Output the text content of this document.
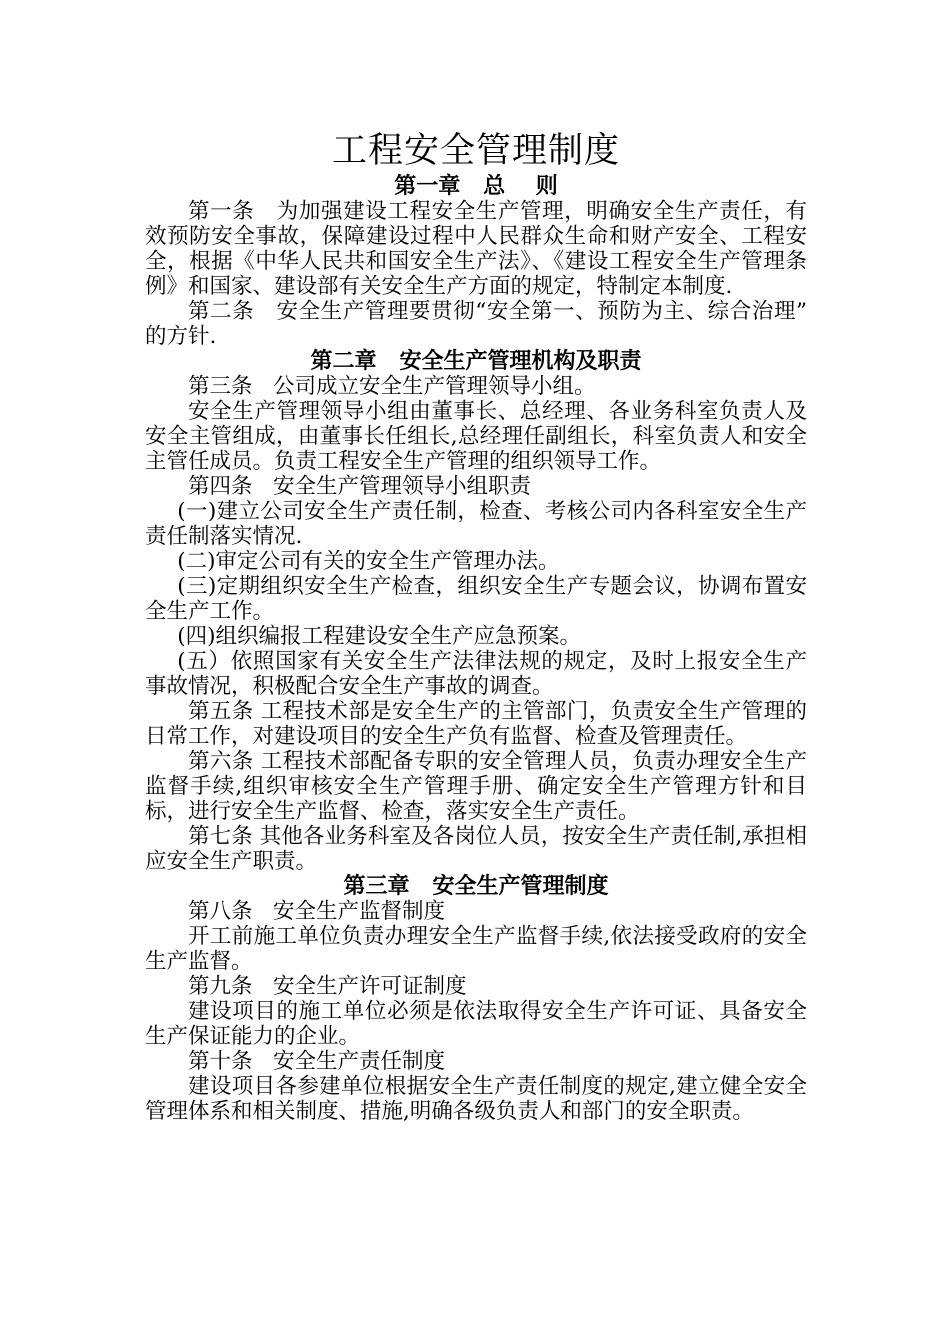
工程安全管理制度
第一章   总    则

第一条   为加强建设工程安全生产管理，明确安全生产责任，有效预防安全事故，保障建设过程中人民群众生命和财产安全、工程安全，根据《中华人民共和国安全生产法》、《建设工程安全生产管理条例》和国家、建设部有关安全生产方面的规定，特制定本制度.

第二条   安全生产管理要贯彻“安全第一、预防为主、综合治理” 的方针.

第二章   安全生产管理机构及职责

第三条   公司成立安全生产管理领导小组。

安全生产管理领导小组由董事长、总经理、各业务科室负责人及安全主管组成，由董事长任组长,总经理任副组长，科室负责人和安全主管任成员。负责工程安全生产管理的组织领导工作。

第四条   安全生产管理领导小组职责

(一)建立公司安全生产责任制，检查、考核公司内各科室安全生产责任制落实情况.

(二)审定公司有关的安全生产管理办法。

(三)定期组织安全生产检查，组织安全生产专题会议，协调布置安全生产工作。

(四)组织编报工程建设安全生产应急预案。

(五）依照国家有关安全生产法律法规的规定，及时上报安全生产事故情况，积极配合安全生产事故的调查。

第五条 工程技术部是安全生产的主管部门，负责安全生产管理的日常工作，对建设项目的安全生产负有监督、检查及管理责任。

第六条 工程技术部配备专职的安全管理人员，负责办理安全生产监督手续,组织审核安全生产管理手册、确定安全生产管理方针和目标，进行安全生产监督、检查，落实安全生产责任。

第七条 其他各业务科室及各岗位人员，按安全生产责任制,承担相应安全生产职责。

第三章   安全生产管理制度

第八条   安全生产监督制度

开工前施工单位负责办理安全生产监督手续,依法接受政府的安全生产监督。

第九条   安全生产许可证制度

建设项目的施工单位必须是依法取得安全生产许可证、具备安全生产保证能力的企业。

第十条   安全生产责任制度

建设项目各参建单位根据安全生产责任制度的规定,建立健全安全管理体系和相关制度、措施,明确各级负责人和部门的安全职责。
